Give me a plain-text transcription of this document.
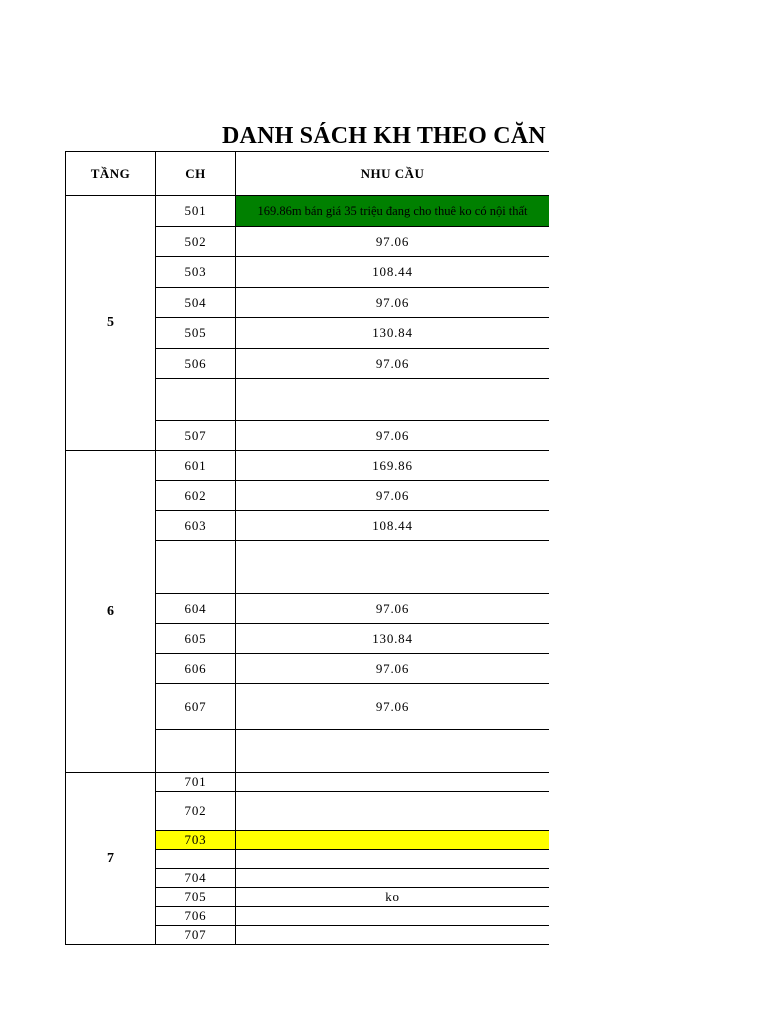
DANH SÁCH KH THEO CĂN
TẦNG	CH	NHU CẦU
5	501	169.86m bán giá 35 triệu đang cho thuê ko có nội thất
	502	97.06
	503	108.44
	504	97.06
	505	130.84
	506	97.06

	507	97.06
6	601	169.86
	602	97.06
	603	108.44

	604	97.06
	605	130.84
	606	97.06
	607	97.06

7	701	
	702	
	703	

	704	
	705	ko
	706	
	707	
